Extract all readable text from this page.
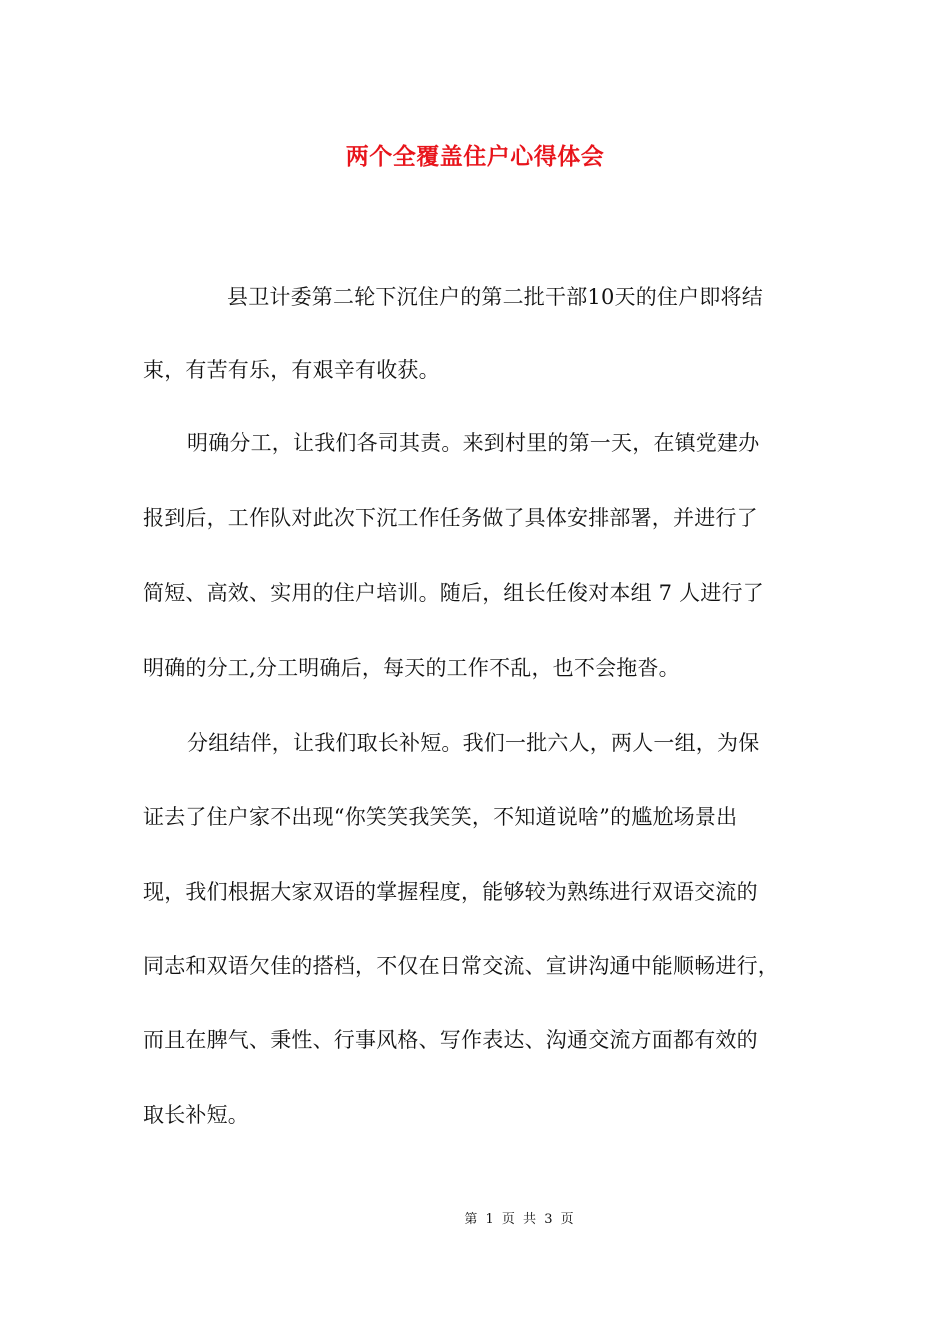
两个全覆盖住户心得体会
县卫计委第二轮下沉住户的第二批干部10天的住户即将结
束，有苦有乐，有艰辛有收获。
明确分工，让我们各司其责。来到村里的第一天，在镇党建办
报到后，工作队对此次下沉工作任务做了具体安排部署，并进行了
简短、高效、实用的住户培训。随后，组长任俊对本组 7 人进行了
明确的分工,分工明确后，每天的工作不乱，也不会拖沓。
分组结伴，让我们取长补短。我们一批六人，两人一组，为保
证去了住户家不出现“你笑笑我笑笑，不知道说啥”的尴尬场景出
现，我们根据大家双语的掌握程度，能够较为熟练进行双语交流的
同志和双语欠佳的搭档，不仅在日常交流、宣讲沟通中能顺畅进行，
而且在脾气、秉性、行事风格、写作表达、沟通交流方面都有效的
取长补短。
第 1 页 共 3 页
